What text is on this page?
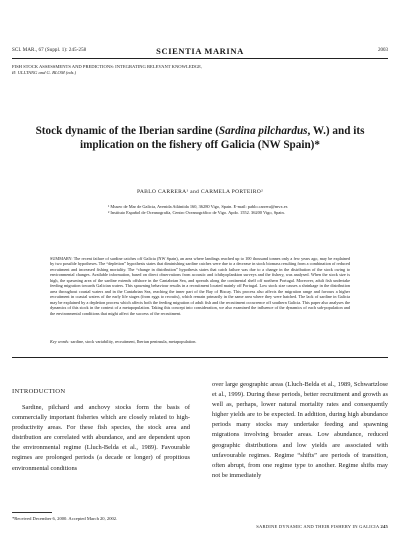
SCI. MAR., 67 (Suppl. 1): 245-258	SCIENTIA MARINA	2003
FISH STOCK ASSESSMENTS AND PREDICTIONS: INTEGRATING RELEVANT KNOWLEDGE,
Ø. ULLTANG and G. BLOM (eds.)
Stock dynamic of the Iberian sardine (Sardina pilchardus, W.) and its implication on the fishery off Galicia (NW Spain)*
PABLO CARRERA¹ and CARMELA PORTEIRO²
¹ Museo de Mar de Galicia, Avenida Atlántida 160, 36280 Vigo, Spain. E-mail: pablo.carrera@mvx.es
² Instituto Español de Oceanografía, Centro Oceanográfico de Vigo. Apdo. 1552. 36200 Vigo, Spain.
SUMMARY: The recent failure of sardine catches off Galicia (NW Spain), an area where landings reached up to 100 thousand tonnes only a few years ago, may be explained by two possible hypotheses. The “depletion” hypothesis states that diminishing sardine catches were due to a decrease in stock biomass resulting from a combination of reduced recruitment and increased fishing mortality. The “change in distribution” hypothesis states that catch failure was due to a change in the distribution of the stock owing to environmental changes. Available information, based on direct observations from acoustic and ichthyoplankton surveys and the fishery, was analysed. When the stock size is high, the spawning area of the sardine extends offshore in the Cantabrian Sea, and spreads along the continental shelf off northern Portugal. Moreover, adult fish undertake feeding migration towards Galician waters. This spawning behaviour results in a recruitment located mainly off Portugal. Low stock size causes a shrinkage in the distribution area throughout coastal waters and in the Cantabrian Sea, reaching the inner part of the Bay of Biscay. This process also affects the migration range and favours a higher recruitment in coastal waters of the early life stages (from eggs to recruits), which remain primarily in the same area where they were hatched. The lack of sardine in Galicia may be explained by a depletion process which affects both the feeding migration of adult fish and the recruitment occurrence off southern Galicia. This paper also analyses the dynamics of this stock in the context of a metapopulation. Taking this concept into consideration, we also examined the influence of the dynamics of each sub-population and the environmental conditions that might affect the success of the recruitment.
Key words: sardine, stock variability, recruitment, Iberian peninsula, metapopulation.
INTRODUCTION
Sardine, pilchard and anchovy stocks form the basis of commercially important fisheries which are closely related to high-productivity areas. For these fish species, the stock area and distribution are correlated with abundance, and are dependent upon the environmental regime (Lluch-Belda et al., 1989). Favourable regimes are prolonged periods (a decade or longer) of propitious environmental conditions
over large geographic areas (Lluch-Belda et al., 1989, Schwartzlose et al., 1999). During these periods, better recruitment and growth as well as, perhaps, lower natural mortality rates and consequently higher yields are to be expected. In addition, during high abundance periods many stocks may undertake feeding and spawning migrations involving broader areas. Low abundance, reduced geographic distributions and low yields are associated with unfavourable regimes. Regime “shifts” are periods of transition, often abrupt, from one regime type to another. Regime shifts may not be immediately
*Received December 6, 2000. Accepted March 20, 2002.
SARDINE DYNAMIC AND THEIR FISHERY IN GALICIA 245
